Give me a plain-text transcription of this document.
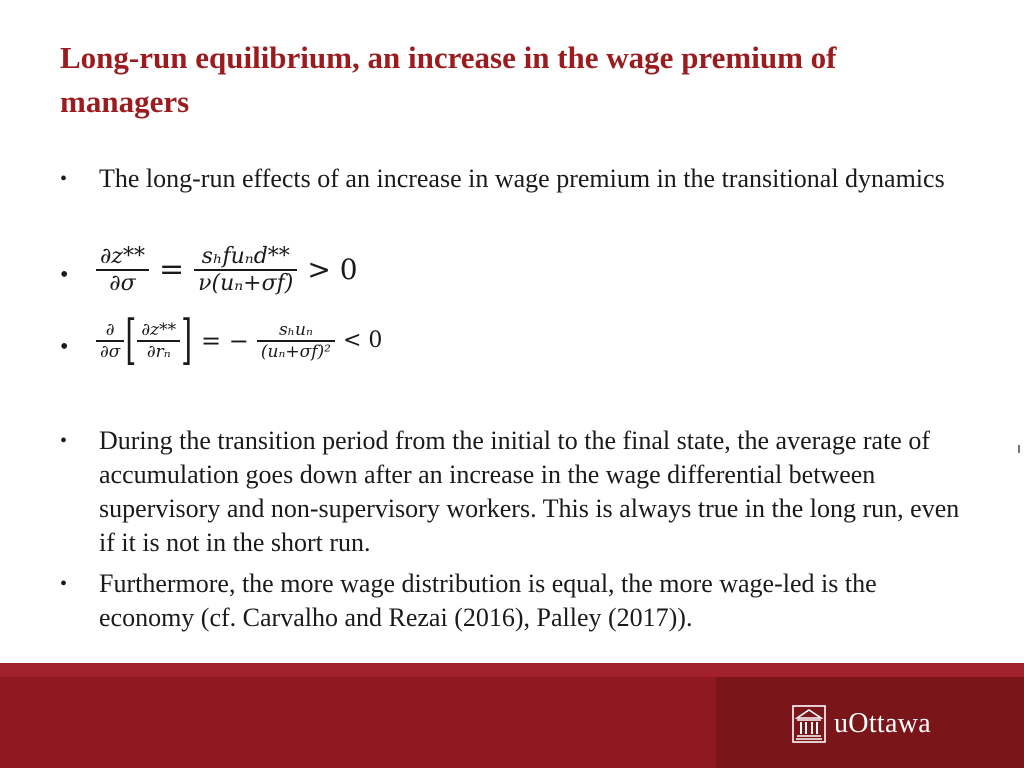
Long-run equilibrium, an increase in the wage premium of managers
•	The long-run effects of an increase in wage premium in the transitional dynamics
• $\frac{\partial z**}{\partial\sigma} = \frac{\text{sₕfuₙd**}}{\text{ν(uₙ+σf)}} > 0$
• $\frac{\partial}{\partial\sigma}$ [ $\frac{\partial z**}{\text{∂rₙ}}$ ] = − $\frac{\text{sₕuₙ}}{\text{(uₙ+σf)²}} < 0$
•	During the transition period from the initial to the final state, the average rate of accumulation goes down after an increase in the wage differential between supervisory and non-supervisory workers. This is always true in the long run, even if it is not in the short run.
•	Furthermore, the more wage distribution is equal, the more wage-led is the economy (cf. Carvalho and Rezai (2016), Palley (2017)).
uOttawa
